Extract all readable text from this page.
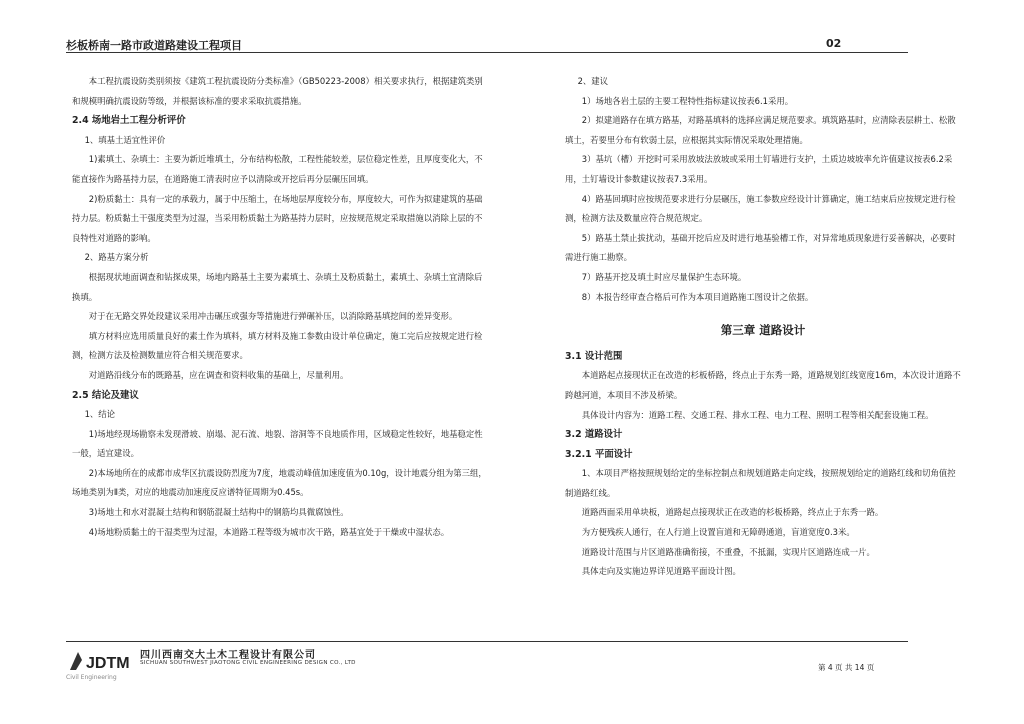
杉板桥南一路市政道路建设工程项目	02

本工程抗震设防类别须按《建筑工程抗震设防分类标准》（GB50223-2008）相关要求执行，根据建筑类别和规模明确抗震设防等级，并根据该标准的要求采取抗震措施。

2.4 场地岩土工程分析评价

1、填基土适宜性评价

1)素填土、杂填土：主要为新近堆填土，分布结构松散，工程性能较差，层位稳定性差，且厚度变化大，不能直接作为路基持力层，在道路施工清表时应予以清除或开挖后再分层碾压回填。

2)粉质黏土：具有一定的承载力，属于中压缩土，在场地层厚度较分布，厚度较大，可作为拟建建筑的基础持力层。粉质黏土干强度类型为过湿，当采用粉质黏土为路基持力层时，应按规范规定采取措施以消除上层的不良特性对道路的影响。

2、路基方案分析

根据现状地面调查和钻探成果，场地内路基土主要为素填土、杂填土及粉质黏土，素填土、杂填土宜清除后换填。

对于在无路交界处段建议采用冲击碾压或强夯等措施进行弹碾补压，以消除路基填挖间的差异变形。

填方材料应选用质量良好的素土作为填料，填方材料及施工参数由设计单位确定，施工完后应按规定进行检测，检测方法及检测数量应符合相关规范要求。

对道路沿线分布的既路基，应在调查和资料收集的基础上，尽量利用。

2.5 结论及建议

1、结论

1)场地经现场勘察未发现滑坡、崩塌、泥石流、地裂、溶洞等不良地质作用，区域稳定性较好，地基稳定性一般，适宜建设。

2)本场地所在的成都市成华区抗震设防烈度为7度，地震动峰值加速度值为0.10g，设计地震分组为第三组，场地类别为Ⅱ类，对应的地震动加速度反应谱特征周期为0.45s。

3)场地土和水对混凝土结构和钢筋混凝土结构中的钢筋均具微腐蚀性。

4)场地粉质黏土的干湿类型为过湿，本道路工程等级为城市次干路，路基宜处于干燥或中湿状态。

2、建议

1）场地各岩土层的主要工程特性指标建议按表6.1采用。

2）拟建道路存在填方路基，对路基填料的选择应满足规范要求。填筑路基时，应清除表层耕土、松散填土，若要里分布有软弱土层，应根据其实际情况采取处理措施。

3）基坑（槽）开挖时可采用放坡法放坡或采用土钉墙进行支护，土质边坡坡率允许值建议按表6.2采用，土钉墙设计参数建议按表7.3采用。

4）路基回填时应按规范要求进行分层碾压，施工参数应经设计计算确定，施工结束后应按规定进行检测，检测方法及数量应符合规范规定。

5）路基土禁止拔扰动，基础开挖后应及时进行地基验槽工作，对异常地质现象进行妥善解决，必要时需进行施工勘察。

7）路基开挖及填土时应尽量保护生态环境。

8）本报告经审查合格后可作为本项目道路施工图设计之依据。

第三章 道路设计

3.1 设计范围

本道路起点接现状正在改造的杉板桥路，终点止于东秀一路，道路规划红线宽度16m，本次设计道路不跨越河道，本项目不涉及桥梁。

具体设计内容为：道路工程、交通工程、排水工程、电力工程、照明工程等相关配套设施工程。

3.2 道路设计

3.2.1 平面设计

1、本项目严格按照规划给定的坐标控制点和规划道路走向定线，按照规划给定的道路红线和切角值控制道路红线。

道路西面采用单块板，道路起点接现状正在改造的杉板桥路，终点止于东秀一路。

为方便残疾人通行，在人行道上设置盲道和无障碍通道，盲道宽度0.3米。

道路设计范围与片区道路准确衔接，不重叠，不抵漏，实现片区道路连成一片。

具体走向及实施边界详见道路平面设计图。

JDTM
Civil Engineering
四川西南交大土木工程设计有限公司
SICHUAN SOUTHWEST JIAOTONG CIVIL ENGINEERING DESIGN CO., LTD	第 4 页 共 14 页
